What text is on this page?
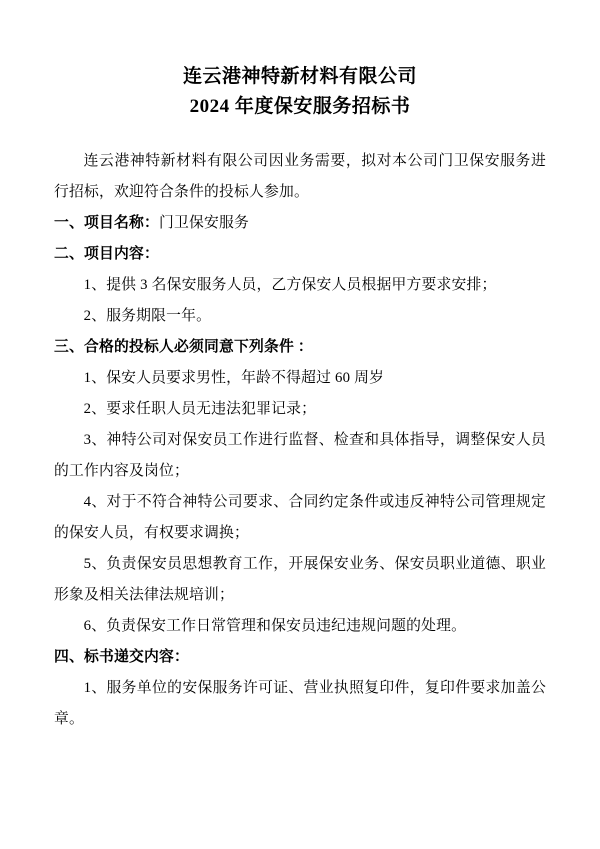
连云港神特新材料有限公司
2024 年度保安服务招标书

连云港神特新材料有限公司因业务需要，拟对本公司门卫保安服务进行招标，欢迎符合条件的投标人参加。

一、项目名称：门卫保安服务

二、项目内容：

1、提供 3 名保安服务人员，乙方保安人员根据甲方要求安排；

2、服务期限一年。

三、合格的投标人必须同意下列条件 ：

1、保安人员要求男性，年龄不得超过 60 周岁

2、要求任职人员无违法犯罪记录；

3、神特公司对保安员工作进行监督、检查和具体指导，调整保安人员的工作内容及岗位；

4、对于不符合神特公司要求、合同约定条件或违反神特公司管理规定的保安人员，有权要求调换；

5、负责保安员思想教育工作，开展保安业务、保安员职业道德、职业形象及相关法律法规培训；

6、负责保安工作日常管理和保安员违纪违规问题的处理。

四、标书递交内容：

1、服务单位的安保服务许可证、营业执照复印件，复印件要求加盖公章。
